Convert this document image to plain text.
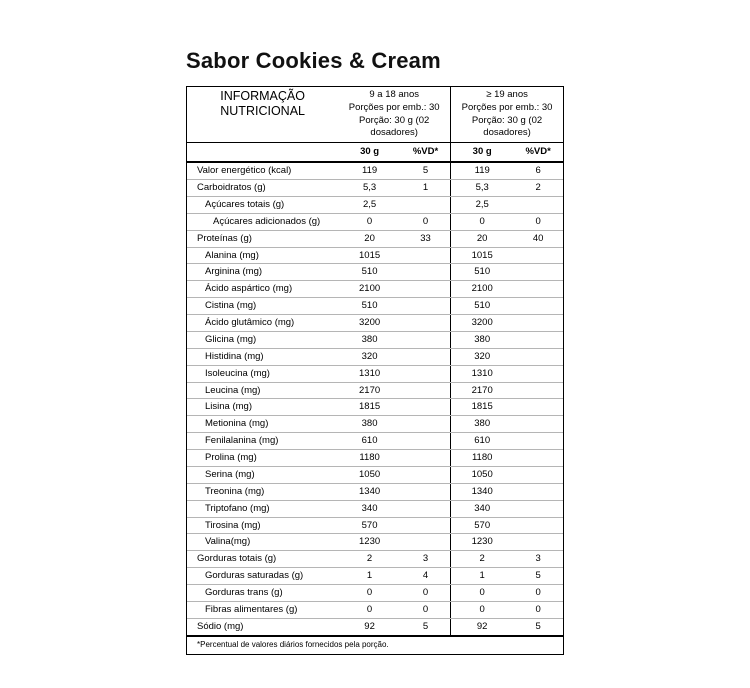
Sabor Cookies & Cream
INFORMAÇÃO
NUTRICIONAL	9 a 18 anos
Porções por emb.: 30
Porção: 30 g (02
dosadores)		≥ 19 anos
Porções por emb.: 30
Porção: 30 g (02
dosadores)	

	30 g	%VD*	30 g	%VD*
Valor energético (kcal)	119	5	119	6
Carboidratos (g)	5,3	1	5,3	2
Açúcares totais (g)	2,5		2,5	
Açúcares adicionados (g)	0	0	0	0
Proteínas (g)	20	33	20	40
Alanina (mg)	1015		1015	
Arginina (mg)	510		510	
Ácido aspártico (mg)	2100		2100	
Cistina (mg)	510		510	
Ácido glutâmico (mg)	3200		3200	
Glicina (mg)	380		380	
Histidina (mg)	320		320	
Isoleucina (mg)	1310		1310	
Leucina (mg)	2170		2170	
Lisina (mg)	1815		1815	
Metionina (mg)	380		380	
Fenilalanina (mg)	610		610	
Prolina (mg)	1180		1180	
Serina (mg)	1050		1050	
Treonina (mg)	1340		1340	
Triptofano (mg)	340		340	
Tirosina (mg)	570		570	
Valina(mg)	1230		1230	
Gorduras totais (g)	2	3	2	3
Gorduras saturadas (g)	1	4	1	5
Gorduras trans (g)	0	0	0	0
Fibras alimentares (g)	0	0	0	0
Sódio (mg)	92	5	92	5
*Percentual de valores diários fornecidos pela porção.
